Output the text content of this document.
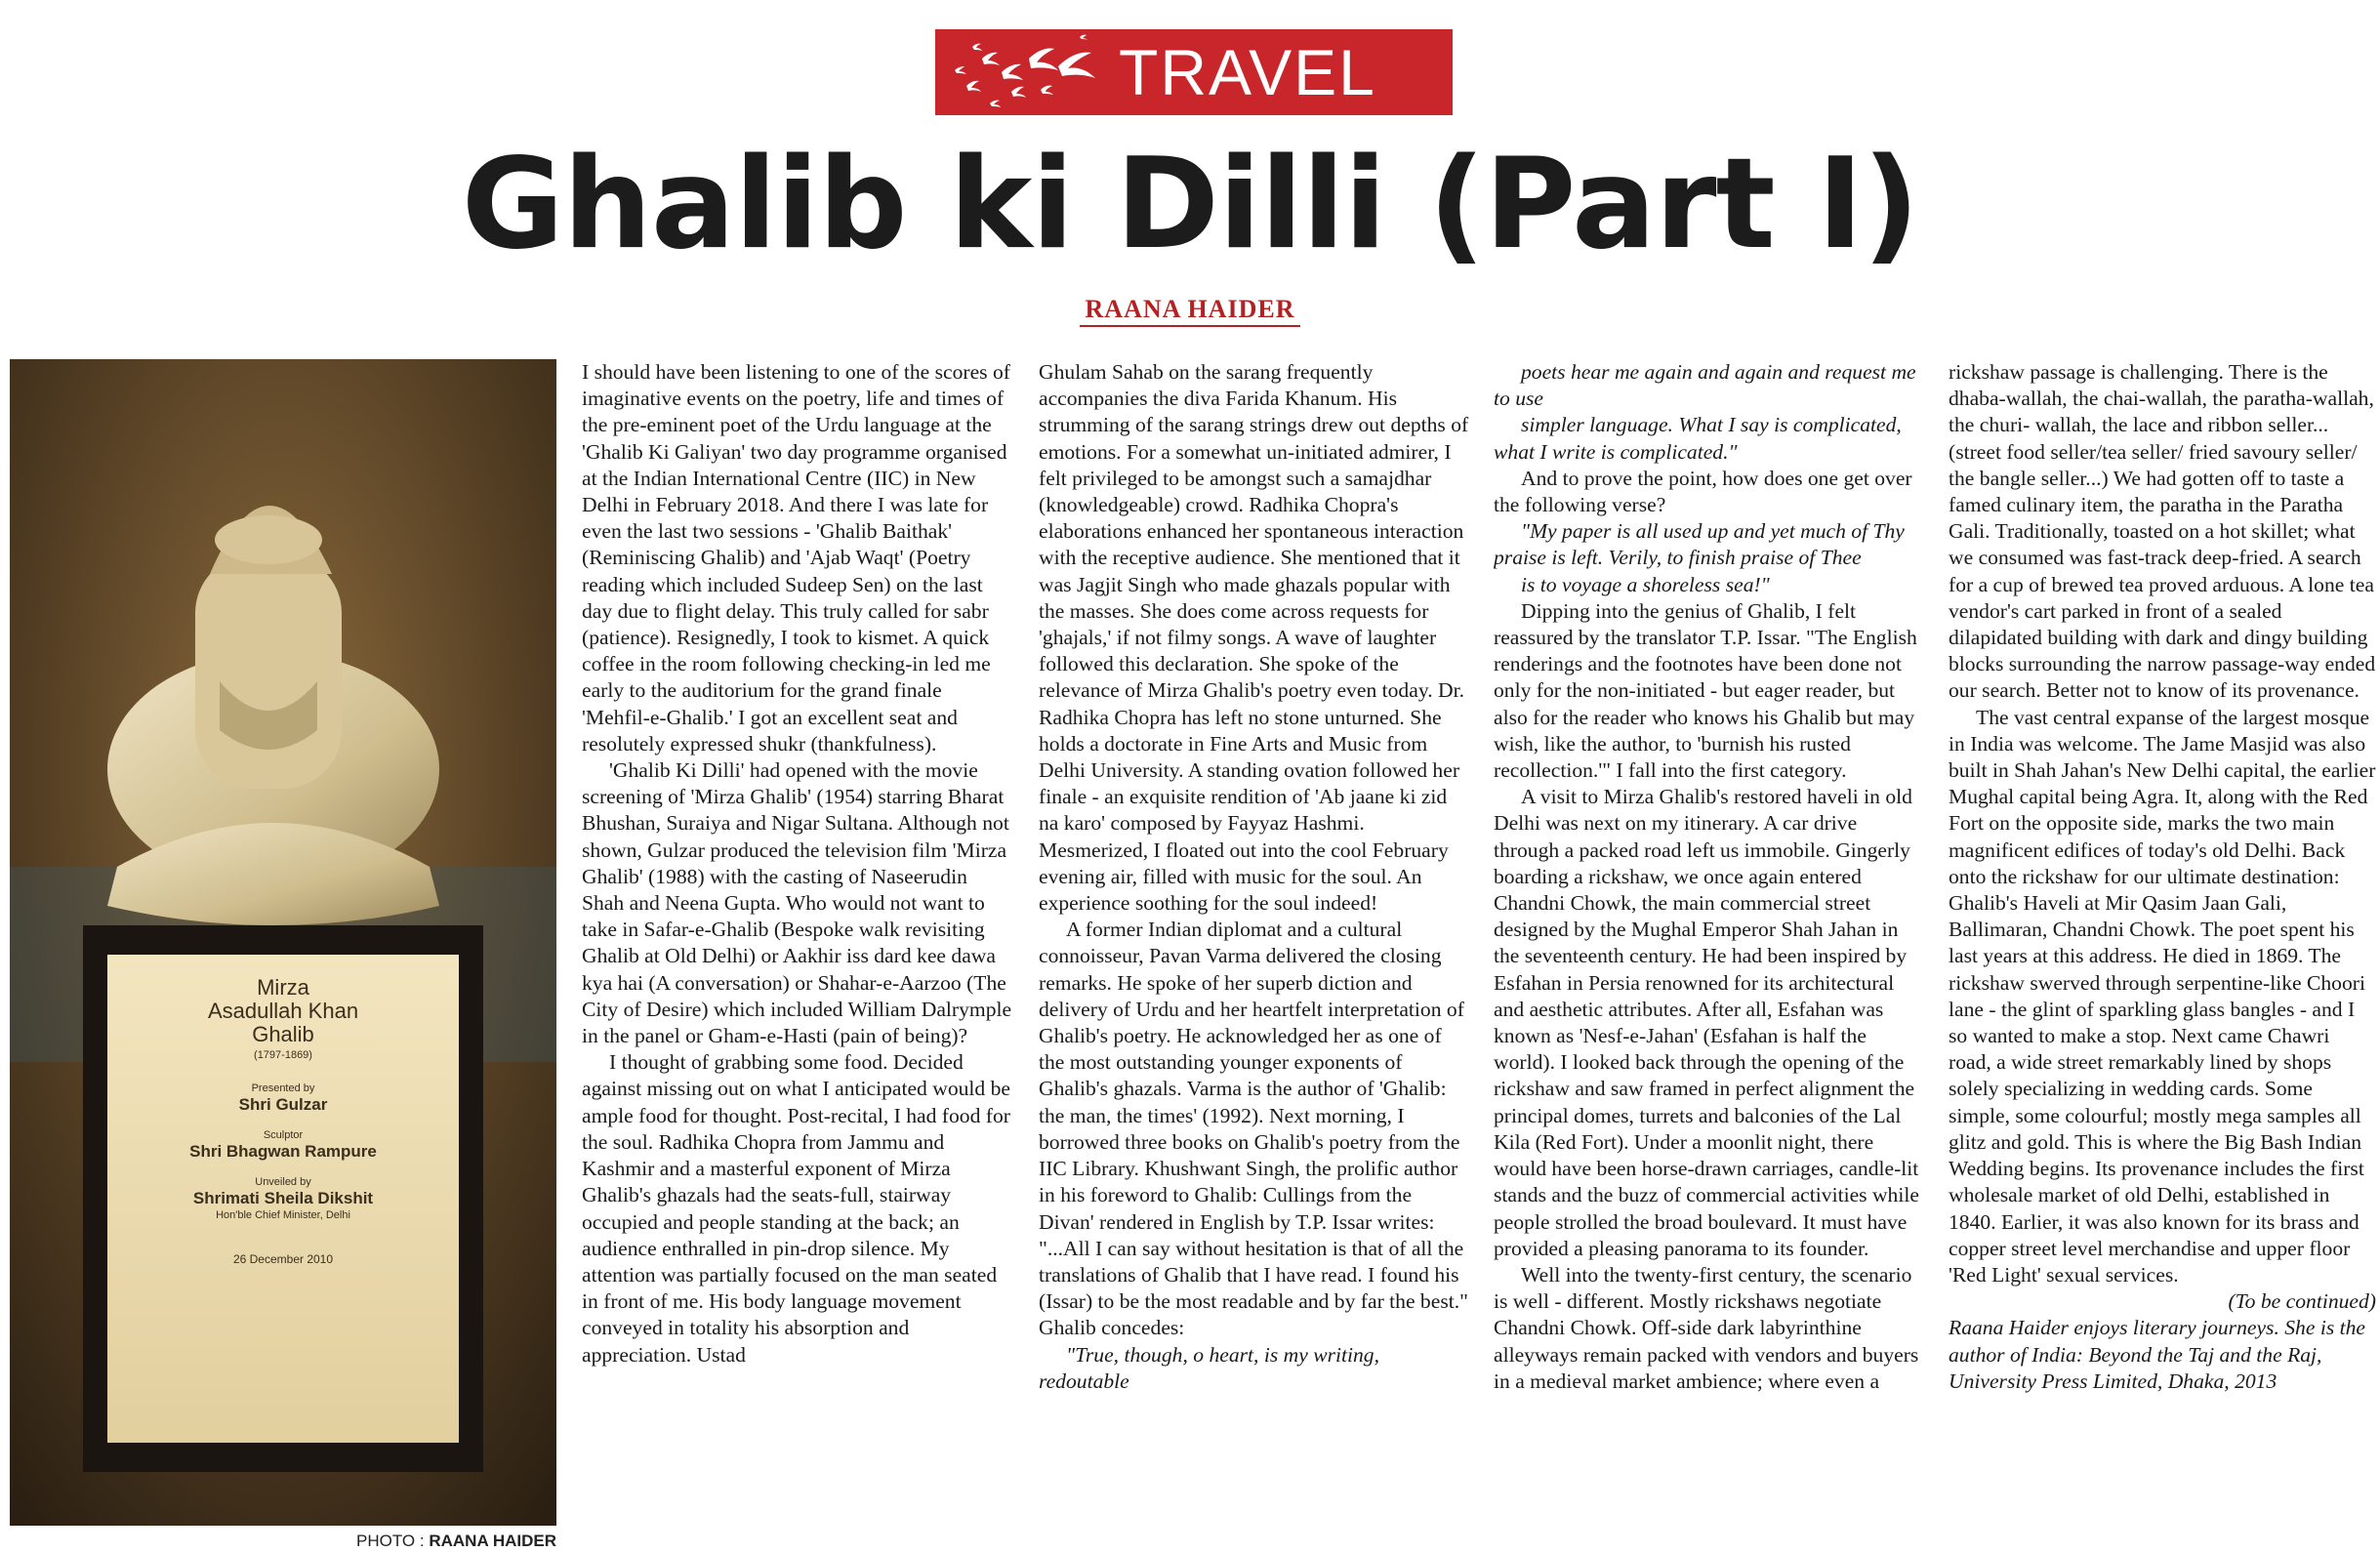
TRAVEL
Ghalib ki Dilli (Part I)
RAANA HAIDER
PHOTO : RAANA HAIDER
Mirza
Asadullah Khan
Ghalib
(1797-1869)
Presented by
Shri Gulzar
Sculptor
Shri Bhagwan Rampure
Unveiled by
Shrimati Sheila Dikshit
Hon'ble Chief Minister, Delhi
26 December 2010

I should have been listening to one of the scores of imaginative events on the poetry, life and times of the pre-eminent poet of the Urdu language at the 'Ghalib Ki Galiyan' two day programme organised at the Indian International Centre (IIC) in New Delhi in February 2018. And there I was late for even the last two sessions - 'Ghalib Baithak' (Reminiscing Ghalib) and 'Ajab Waqt' (Poetry reading which included Sudeep Sen) on the last day due to flight delay. This truly called for sabr (patience). Resignedly, I took to kismet. A quick coffee in the room following checking-in led me early to the auditorium for the grand finale 'Mehfil-e-Ghalib.' I got an excellent seat and resolutely expressed shukr (thankfulness).

'Ghalib Ki Dilli' had opened with the movie screening of 'Mirza Ghalib' (1954) starring Bharat Bhushan, Suraiya and Nigar Sultana. Although not shown, Gulzar produced the television film 'Mirza Ghalib' (1988) with the casting of Naseerudin Shah and Neena Gupta. Who would not want to take in Safar-e-Ghalib (Bespoke walk revisiting Ghalib at Old Delhi) or Aakhir iss dard kee dawa kya hai (A conversation) or Shahar-e-Aarzoo (The City of Desire) which included William Dalrymple in the panel or Gham-e-Hasti (pain of being)?

I thought of grabbing some food. Decided against missing out on what I anticipated would be ample food for thought. Post-recital, I had food for the soul. Radhika Chopra from Jammu and Kashmir and a masterful exponent of Mirza Ghalib's ghazals had the seats-full, stairway occupied and people standing at the back; an audience enthralled in pin-drop silence. My attention was partially focused on the man seated in front of me. His body language movement conveyed in totality his absorption and appreciation. Ustad

Ghulam Sahab on the sarang frequently accompanies the diva Farida Khanum. His strumming of the sarang strings drew out depths of emotions. For a somewhat un-initiated admirer, I felt privileged to be amongst such a samajdhar (knowledgeable) crowd. Radhika Chopra's elaborations enhanced her spontaneous interaction with the receptive audience. She mentioned that it was Jagjit Singh who made ghazals popular with the masses. She does come across requests for 'ghajals,' if not filmy songs. A wave of laughter followed this declaration. She spoke of the relevance of Mirza Ghalib's poetry even today. Dr. Radhika Chopra has left no stone unturned. She holds a doctorate in Fine Arts and Music from Delhi University. A standing ovation followed her finale - an exquisite rendition of 'Ab jaane ki zid na karo' composed by Fayyaz Hashmi. Mesmerized, I floated out into the cool February evening air, filled with music for the soul. An experience soothing for the soul indeed!

A former Indian diplomat and a cultural connoisseur, Pavan Varma delivered the closing remarks. He spoke of her superb diction and delivery of Urdu and her heartfelt interpretation of Ghalib's poetry. He acknowledged her as one of the most outstanding younger exponents of Ghalib's ghazals. Varma is the author of 'Ghalib: the man, the times' (1992). Next morning, I borrowed three books on Ghalib's poetry from the IIC Library. Khushwant Singh, the prolific author in his foreword to Ghalib: Cullings from the Divan' rendered in English by T.P. Issar writes: "...All I can say without hesitation is that of all the translations of Ghalib that I have read. I found his (Issar) to be the most readable and by far the best." Ghalib concedes:

"True, though, o heart, is my writing, redoutable

poets hear me again and again and request me to use

simpler language. What I say is complicated, what I write is complicated."

And to prove the point, how does one get over the following verse?

"My paper is all used up and yet much of Thy praise is left. Verily, to finish praise of Thee

is to voyage a shoreless sea!"

Dipping into the genius of Ghalib, I felt reassured by the translator T.P. Issar. "The English renderings and the footnotes have been done not only for the non-initiated - but eager reader, but also for the reader who knows his Ghalib but may wish, like the author, to 'burnish his rusted recollection.'" I fall into the first category.

A visit to Mirza Ghalib's restored haveli in old Delhi was next on my itinerary. A car drive through a packed road left us immobile. Gingerly boarding a rickshaw, we once again entered Chandni Chowk, the main commercial street designed by the Mughal Emperor Shah Jahan in the seventeenth century. He had been inspired by Esfahan in Persia renowned for its architectural and aesthetic attributes. After all, Esfahan was known as 'Nesf-e-Jahan' (Esfahan is half the world). I looked back through the opening of the rickshaw and saw framed in perfect alignment the principal domes, turrets and balconies of the Lal Kila (Red Fort). Under a moonlit night, there would have been horse-drawn carriages, candle-lit stands and the buzz of commercial activities while people strolled the broad boulevard. It must have provided a pleasing panorama to its founder.

Well into the twenty-first century, the scenario is well - different. Mostly rickshaws negotiate Chandni Chowk. Off-side dark labyrinthine alleyways remain packed with vendors and buyers in a medieval market ambience; where even a

rickshaw passage is challenging. There is the dhaba-wallah, the chai-wallah, the paratha-wallah, the churi- wallah, the lace and ribbon seller... (street food seller/tea seller/ fried savoury seller/ the bangle seller...) We had gotten off to taste a famed culinary item, the paratha in the Paratha Gali. Traditionally, toasted on a hot skillet; what we consumed was fast-track deep-fried. A search for a cup of brewed tea proved arduous. A lone tea vendor's cart parked in front of a sealed dilapidated building with dark and dingy building blocks surrounding the narrow passage-way ended our search. Better not to know of its provenance.

The vast central expanse of the largest mosque in India was welcome. The Jame Masjid was also built in Shah Jahan's New Delhi capital, the earlier Mughal capital being Agra. It, along with the Red Fort on the opposite side, marks the two main magnificent edifices of today's old Delhi. Back onto the rickshaw for our ultimate destination: Ghalib's Haveli at Mir Qasim Jaan Gali, Ballimaran, Chandni Chowk. The poet spent his last years at this address. He died in 1869. The rickshaw swerved through serpentine-like Choori lane - the glint of sparkling glass bangles - and I so wanted to make a stop. Next came Chawri road, a wide street remarkably lined by shops solely specializing in wedding cards. Some simple, some colourful; mostly mega samples all glitz and gold. This is where the Big Bash Indian Wedding begins. Its provenance includes the first wholesale market of old Delhi, established in 1840. Earlier, it was also known for its brass and copper street level merchandise and upper floor 'Red Light' sexual services.

(To be continued)

Raana Haider enjoys literary journeys. She is the author of India: Beyond the Taj and the Raj, University Press Limited, Dhaka, 2013
